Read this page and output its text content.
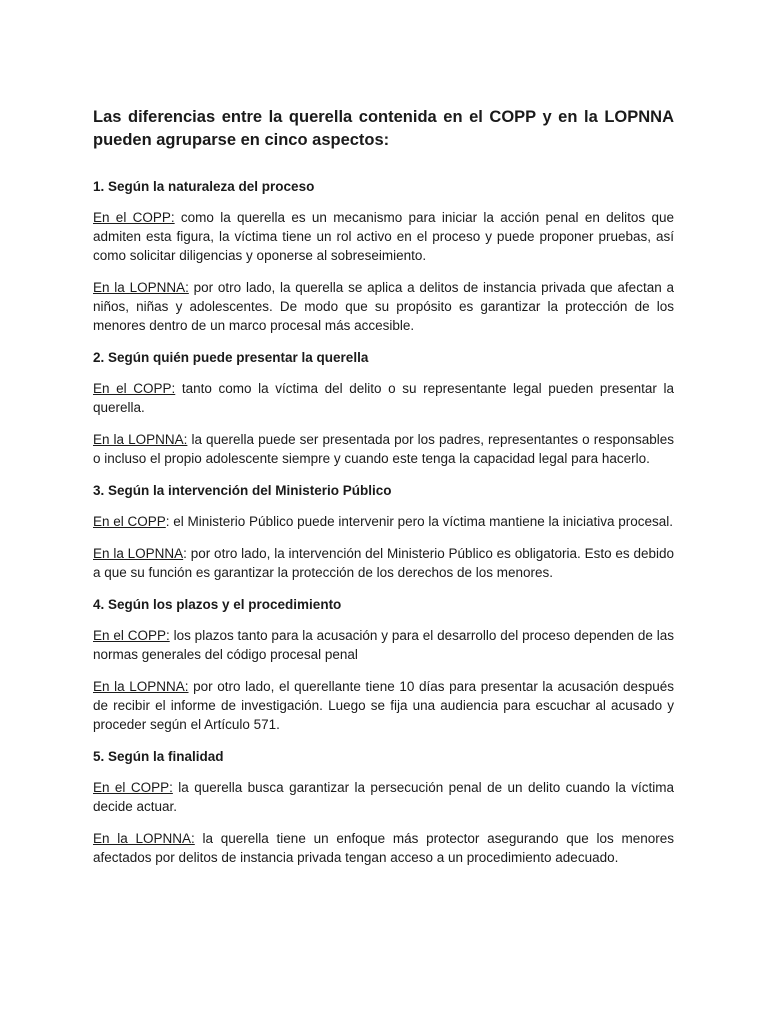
Las diferencias entre la querella contenida en el COPP y en la LOPNNA pueden agruparse en cinco aspectos:
1. Según la naturaleza del proceso

En el COPP: como la querella es un mecanismo para iniciar la acción penal en delitos que admiten esta figura, la víctima tiene un rol activo en el proceso y puede proponer pruebas, así como solicitar diligencias y oponerse al sobreseimiento.

En la LOPNNA: por otro lado, la querella se aplica a delitos de instancia privada que afectan a niños, niñas y adolescentes. De modo que su propósito es garantizar la protección de los menores dentro de un marco procesal más accesible.

2. Según quién puede presentar la querella

En el COPP: tanto como la víctima del delito o su representante legal pueden presentar la querella.

En la LOPNNA: la querella puede ser presentada por los padres, representantes o responsables o incluso el propio adolescente siempre y cuando este tenga la capacidad legal para hacerlo.

3. Según la intervención del Ministerio Público

En el COPP: el Ministerio Público puede intervenir pero la víctima mantiene la iniciativa procesal.

En la LOPNNA: por otro lado, la intervención del Ministerio Público es obligatoria. Esto es debido a que su función es garantizar la protección de los derechos de los menores.

4. Según los plazos y el procedimiento

En el COPP: los plazos tanto para la acusación y para el desarrollo del proceso dependen de las normas generales del código procesal penal

En la LOPNNA: por otro lado, el querellante tiene 10 días para presentar la acusación después de recibir el informe de investigación. Luego se fija una audiencia para escuchar al acusado y proceder según el Artículo 571.

5. Según la finalidad

En el COPP: la querella busca garantizar la persecución penal de un delito cuando la víctima decide actuar.

En la LOPNNA: la querella tiene un enfoque más protector asegurando que los menores afectados por delitos de instancia privada tengan acceso a un procedimiento adecuado.
